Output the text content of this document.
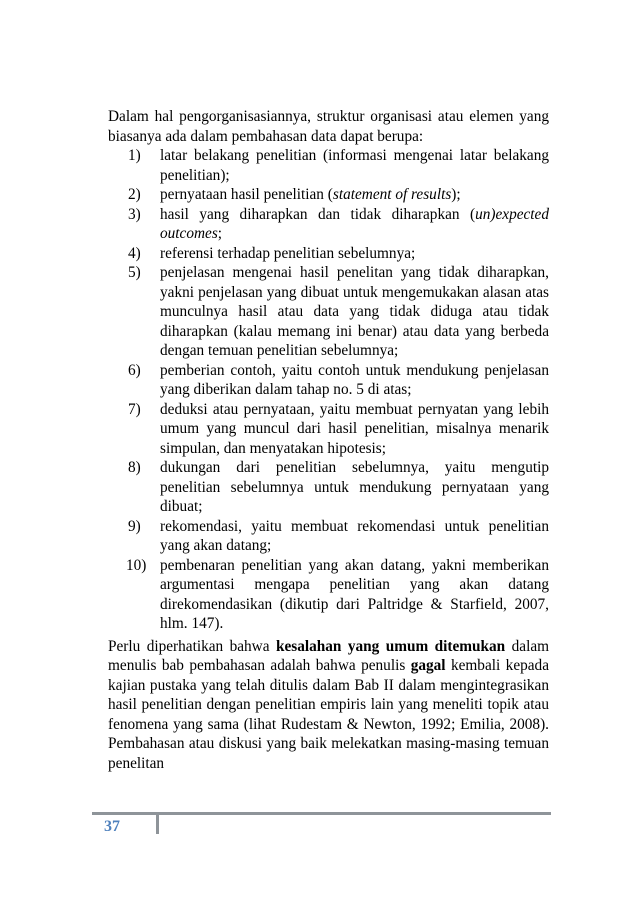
Dalam hal pengorganisasiannya, struktur organisasi atau elemen yang biasanya ada dalam pembahasan data dapat berupa:

1) latar belakang penelitian (informasi mengenai latar belakang penelitian);
2) pernyataan hasil penelitian (statement of results);
3) hasil yang diharapkan dan tidak diharapkan (un)expected outcomes;
4) referensi terhadap penelitian sebelumnya;
5) penjelasan mengenai hasil penelitan yang tidak diharapkan, yakni penjelasan yang dibuat untuk mengemukakan alasan atas munculnya hasil atau data yang tidak diduga atau tidak diharapkan (kalau memang ini benar) atau data yang berbeda dengan temuan penelitian sebelumnya;
6) pemberian contoh, yaitu contoh untuk mendukung penjelasan yang diberikan dalam tahap no. 5 di atas;
7) deduksi atau pernyataan, yaitu membuat pernyatan yang lebih umum yang muncul dari hasil penelitian, misalnya menarik simpulan, dan menyatakan hipotesis;
8) dukungan dari penelitian sebelumnya, yaitu mengutip penelitian sebelumnya untuk mendukung pernyataan yang dibuat;
9) rekomendasi, yaitu membuat rekomendasi untuk penelitian yang akan datang;
10) pembenaran penelitian yang akan datang, yakni memberikan argumentasi mengapa penelitian yang akan datang direkomendasikan (dikutip dari Paltridge & Starfield, 2007, hlm. 147).

Perlu diperhatikan bahwa kesalahan yang umum ditemukan dalam menulis bab pembahasan adalah bahwa penulis gagal kembali kepada kajian pustaka yang telah ditulis dalam Bab II dalam mengintegrasikan hasil penelitian dengan penelitian empiris lain yang meneliti topik atau fenomena yang sama (lihat Rudestam & Newton, 1992; Emilia, 2008). Pembahasan atau diskusi yang baik melekatkan masing-masing temuan penelitan

37
